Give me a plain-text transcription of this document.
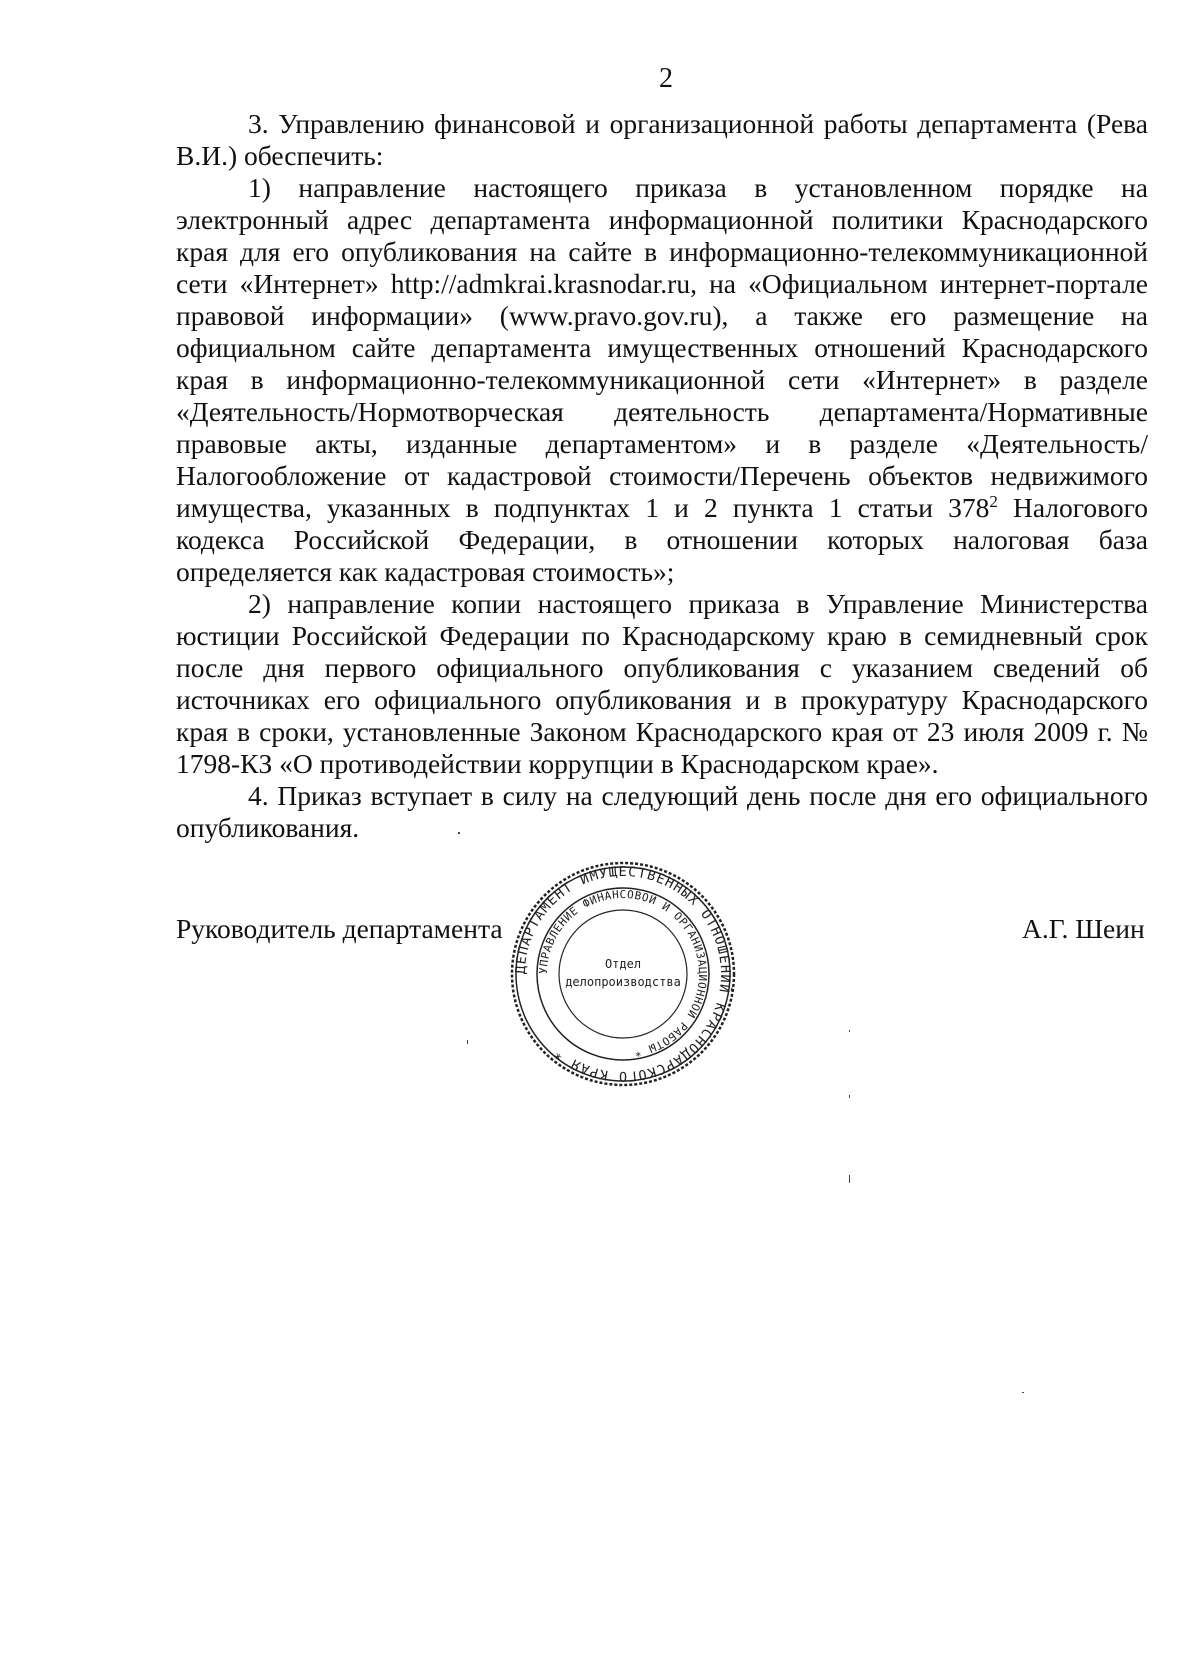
2

3. Управлению финансовой и организационной работы департамента (Рева В.И.) обеспечить:

1) направление настоящего приказа в установленном порядке на электронный адрес департамента информационной политики Краснодарского края для его опубликования на сайте в информационно-телекоммуникационной сети «Интернет» http://admkrai.krasnodar.ru, на «Официальном интернет-портале правовой информации» (www.pravo.gov.ru), а также его размещение на официальном сайте департамента имущественных отношений Краснодарского края в информационно-телекоммуникационной сети «Интернет» в разделе «Деятельность/Нормотворческая деятельность департамента/Нормативные правовые акты, изданные департаментом» и в разделе «Деятельность/ Налогообложение от кадастровой стоимости/Перечень объектов недвижимого имущества, указанных в подпунктах 1 и 2 пункта 1 статьи $378^2$ Налогового кодекса Российской Федерации, в отношении которых налоговая база определяется как кадастровая стоимость»;

2) направление копии настоящего приказа в Управление Министерства юстиции Российской Федерации по Краснодарскому краю в семидневный срок после дня первого официального опубликования с указанием сведений об источниках его официального опубликования и в прокуратуру Краснодарского края в сроки, установленные Законом Краснодарского края от 23 июля 2009 г. № 1798-КЗ «О противодействии коррупции в Краснодарском крае».

4. Приказ вступает в силу на следующий день после дня его официального опубликования.

Руководитель департамента	А.Г. Шеин
ДЕПАРТАМЕНТ ИМУЩЕСТВЕННЫХ ОТНОШЕНИЙ КРАСНОДАРСКОГО КРАЯ *
УПРАВЛЕНИЕ ФИНАНСОВОЙ И ОРГАНИЗАЦИОННОЙ РАБОТЫ *
Отдел
делопроизводства
